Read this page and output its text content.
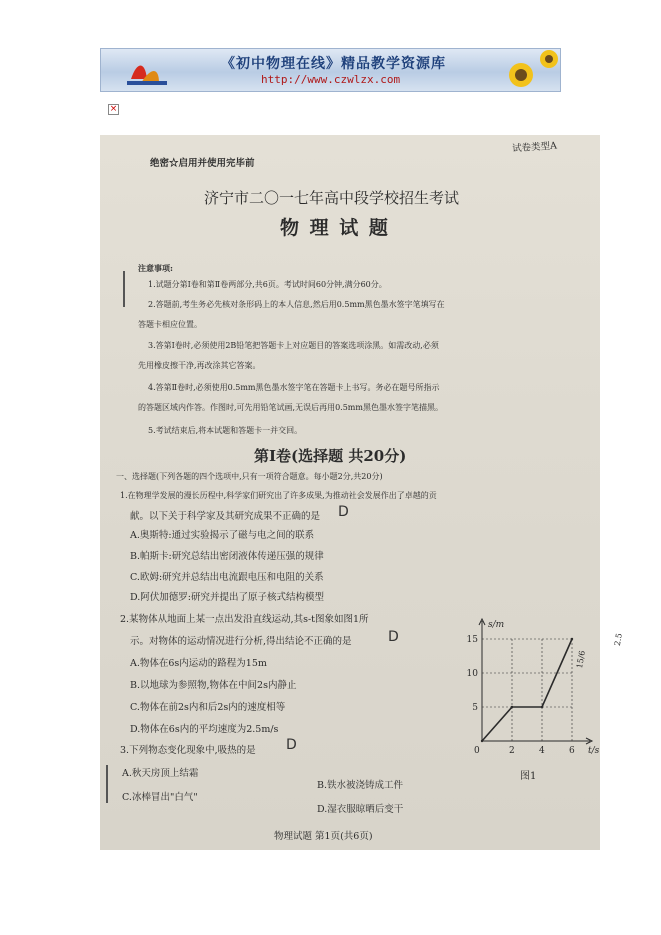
《初中物理在线》精品教学资源库
http://www.czwlzx.com
×
绝密☆启用并使用完毕前
试卷类型A
济宁市二〇一七年高中段学校招生考试
物 理 试 题
注意事项:
1.试题分第Ⅰ卷和第Ⅱ卷两部分,共6页。考试时间60分钟,满分60分。
2.答题前,考生务必先核对条形码上的本人信息,然后用0.5mm黑色墨水签字笔填写在
答题卡相应位置。
3.答第Ⅰ卷时,必须使用2B铅笔把答题卡上对应题目的答案选项涂黑。如需改动,必须
先用橡皮擦干净,再改涂其它答案。
4.答第Ⅱ卷时,必须使用0.5mm黑色墨水签字笔在答题卡上书写。务必在题号所指示
的答题区域内作答。作图时,可先用铅笔试画,无误后再用0.5mm黑色墨水签字笔描黑。
5.考试结束后,将本试题和答题卡一并交回。
第Ⅰ卷(选择题 共20分)
一、选择题(下列各题的四个选项中,只有一项符合题意。每小题2分,共20分)
1.在物理学发展的漫长历程中,科学家们研究出了许多成果,为推动社会发展作出了卓越的贡
献。以下关于科学家及其研究成果不正确的是 D
A.奥斯特:通过实验揭示了磁与电之间的联系
B.帕斯卡:研究总结出密闭液体传递压强的规律
C.欧姆:研究并总结出电流跟电压和电阻的关系
D.阿伏加德罗:研究并提出了原子核式结构模型
2.某物体从地面上某一点出发沿直线运动,其s-t图象如图1所
示。对物体的运动情况进行分析,得出结论不正确的是	D
A.物体在6s内运动的路程为15m
B.以地球为参照物,物体在中间2s内静止
C.物体在前2s内和后2s内的速度相等
D.物体在6s内的平均速度为2.5m/s
3.下列物态变化现象中,吸热的是 D
A.秋天房顶上结霜
B.铁水被浇铸成工件
C.冰棒冒出"白气"
D.湿衣服晾晒后变干
s/m
t/s
15
10
5
0	2	4	6
图1
2.5
15/6
物理试题 第1页(共6页)
